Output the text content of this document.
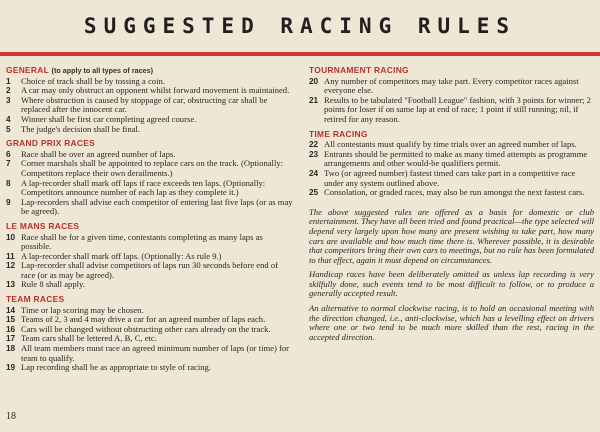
SUGGESTED RACING RULES
GENERAL (to apply to all types of races)
1	Choice of track shall be by tossing a coin.
2	A car may only obstruct an opponent whilst forward movement is maintained.
3	Where obstruction is caused by stoppage of car, obstructing car shall be replaced after the innocent car.
4	Winner shall be first car completing agreed course.
5	The judge's decision shall be final.
GRAND PRIX RACES
6	Race shall be over an agreed number of laps.
7	Corner marshals shall be appointed to replace cars on the track. (Optionally: Competitors replace their own derailments.)
8	A lap-recorder shall mark off laps if race exceeds ten laps. (Optionally: Competitors announce number of each lap as they complete it.)
9	Lap-recorders shall advise each competitor of entering last five laps (or as may be agreed).
LE MANS RACES
10 Race shall be for a given time, contestants completing as many laps as possible.
11 A lap-recorder shall mark off laps. (Optionally: As rule 9.)
12 Lap-recorder shall advise competitors of laps run 30 seconds before end of race (or as may be agreed).
13 Rule 8 shall apply.
TEAM RACES
14 Time or lap scoring may be chosen.
15 Teams of 2, 3 and 4 may drive a car for an agreed number of laps each.
16 Cars will be changed without obstructing other cars already on the track.
17 Team cars shall be lettered A, B, C, etc.
18 All team members must race an agreed minimum number of laps (or time) for team to qualify.
19 Lap recording shall be as appropriate to style of racing.
TOURNAMENT RACING
20 Any number of competitors may take part. Every competitor races against everyone else.
21 Results to be tabulated "Football League" fashion, with 3 points for winner; 2 points for loser if on same lap at end of race; 1 point if still running; nil, if retired for any reason.
TIME RACING
22 All contestants must qualify by time trials over an agreed number of laps.
23 Entrants should be permitted to make as many timed attempts as programme arrangements and other would-be qualifiers permit.
24 Two (or agreed number) fastest timed cars take part in a competitive race under any system outlined above.
25 Consolation, or graded races, may also be run amongst the next fastest cars.

The above suggested rules are offered as a basis for domestic or club entertainment. They have all been tried and found practical—the type selected will depend very largely upon how many are present wishing to take part, how many cars are available and how much time there is. Wherever possible, it is desirable that competitors bring their own cars to meetings, but no rule has been formulated to that effect, again it must depend on circumstances.

Handicap races have been deliberately omitted as unless lap recording is very skilfully done, such events tend to be most difficult to follow, or to produce a generally accepted result.

An alternative to normal clockwise racing, is to hold an occasional meeting with the direction changed, i.e., anti-clockwise, which has a levelling effect on drivers where one or two tend to be much more skilled than the rest, racing in the accepted direction.

18
